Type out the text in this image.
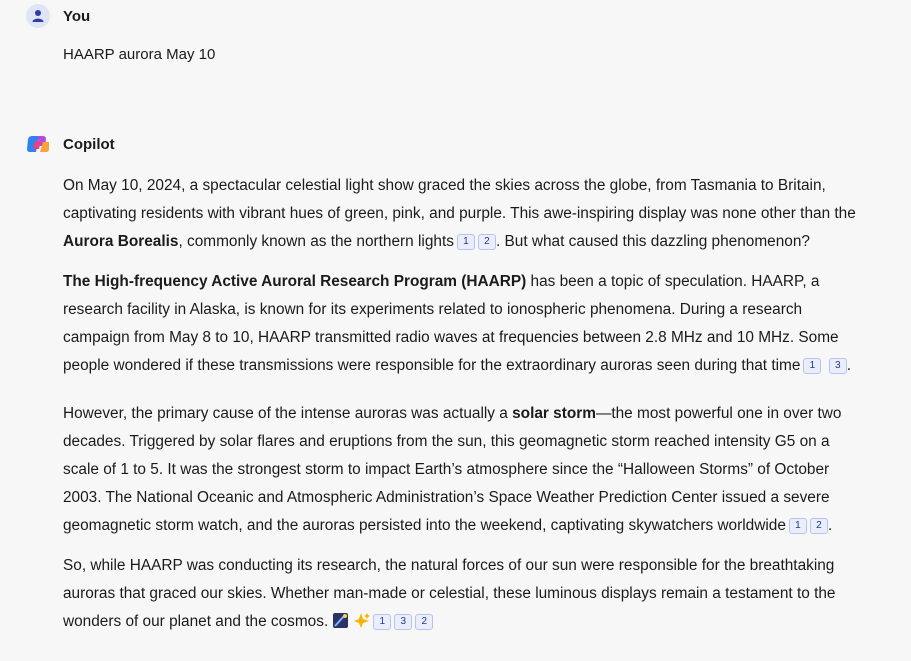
You
HAARP aurora May 10
Copilot

On May 10, 2024, a spectacular celestial light show graced the skies across the globe, from Tasmania to Britain, captivating residents with vibrant hues of green, pink, and purple. This awe-inspiring display was none other than the Aurora Borealis, commonly known as the northern lights 1 2 . But what caused this dazzling phenomenon?

The High-frequency Active Auroral Research Program (HAARP) has been a topic of speculation. HAARP, a research facility in Alaska, is known for its experiments related to ionospheric phenomena. During a research campaign from May 8 to 10, HAARP transmitted radio waves at frequencies between 2.8 MHz and 10 MHz. Some people wondered if these transmissions were responsible for the extraordinary auroras seen during that time 1 3 .

However, the primary cause of the intense auroras was actually a solar storm—the most powerful one in over two decades. Triggered by solar flares and eruptions from the sun, this geomagnetic storm reached intensity G5 on a scale of 1 to 5. It was the strongest storm to impact Earth’s atmosphere since the “Halloween Storms” of October 2003. The National Oceanic and Atmospheric Administration’s Space Weather Prediction Center issued a severe geomagnetic storm watch, and the auroras persisted into the weekend, captivating skywatchers worldwide 1 2 .

So, while HAARP was conducting its research, the natural forces of our sun were responsible for the breathtaking auroras that graced our skies. Whether man-made or celestial, these luminous displays remain a testament to the wonders of our planet and the cosmos.	1 3 2
